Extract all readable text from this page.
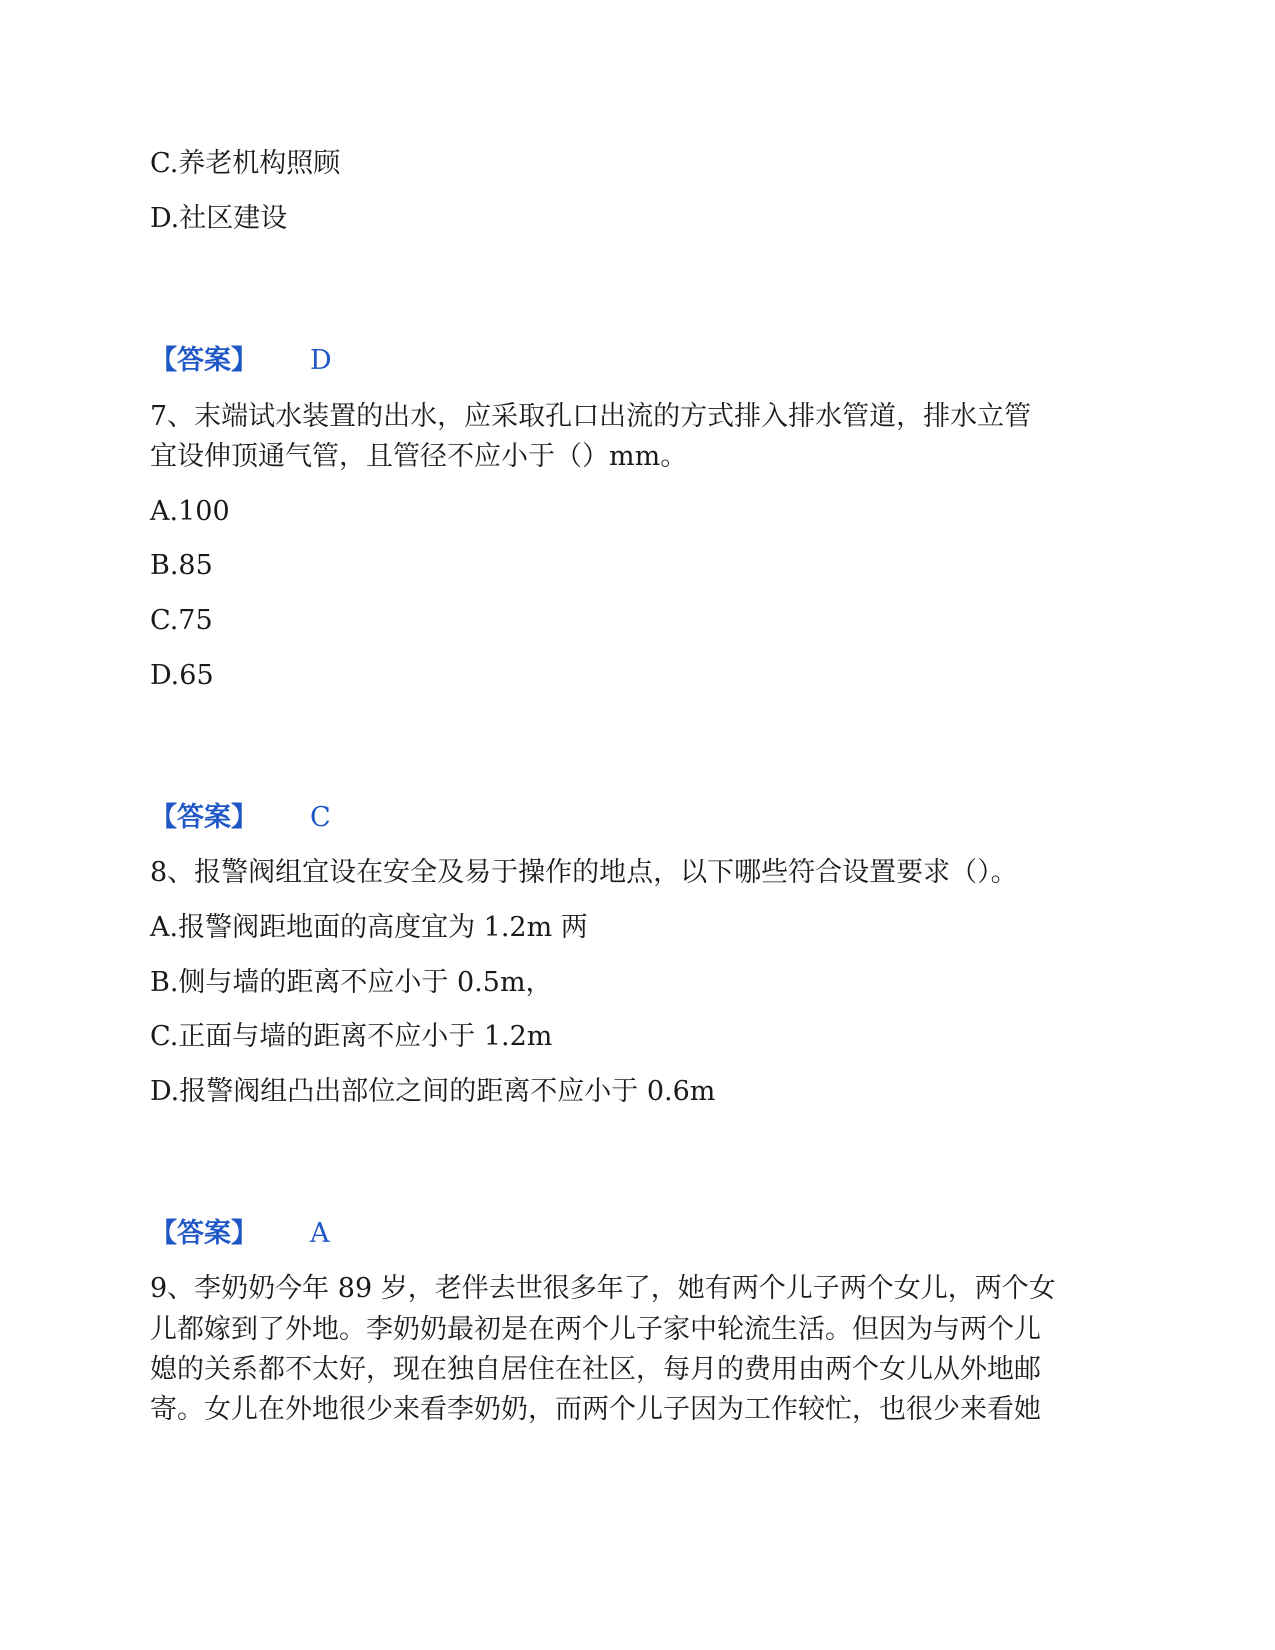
C.养老机构照顾
D.社区建设
【答案】 D
7、末端试水装置的出水，应采取孔口出流的方式排入排水管道，排水立管
宜设伸顶通气管，且管径不应小于（）mm。
A.100
B.85
C.75
D.65
【答案】 C
8、报警阀组宜设在安全及易于操作的地点，以下哪些符合设置要求（）。
A.报警阀距地面的高度宜为 1.2m 两
B.侧与墙的距离不应小于 0.5m，
C.正面与墙的距离不应小于 1.2m
D.报警阀组凸出部位之间的距离不应小于 0.6m
【答案】 A
9、李奶奶今年 89 岁，老伴去世很多年了，她有两个儿子两个女儿，两个女
儿都嫁到了外地。李奶奶最初是在两个儿子家中轮流生活。但因为与两个儿
媳的关系都不太好，现在独自居住在社区，每月的费用由两个女儿从外地邮
寄。女儿在外地很少来看李奶奶，而两个儿子因为工作较忙，也很少来看她
